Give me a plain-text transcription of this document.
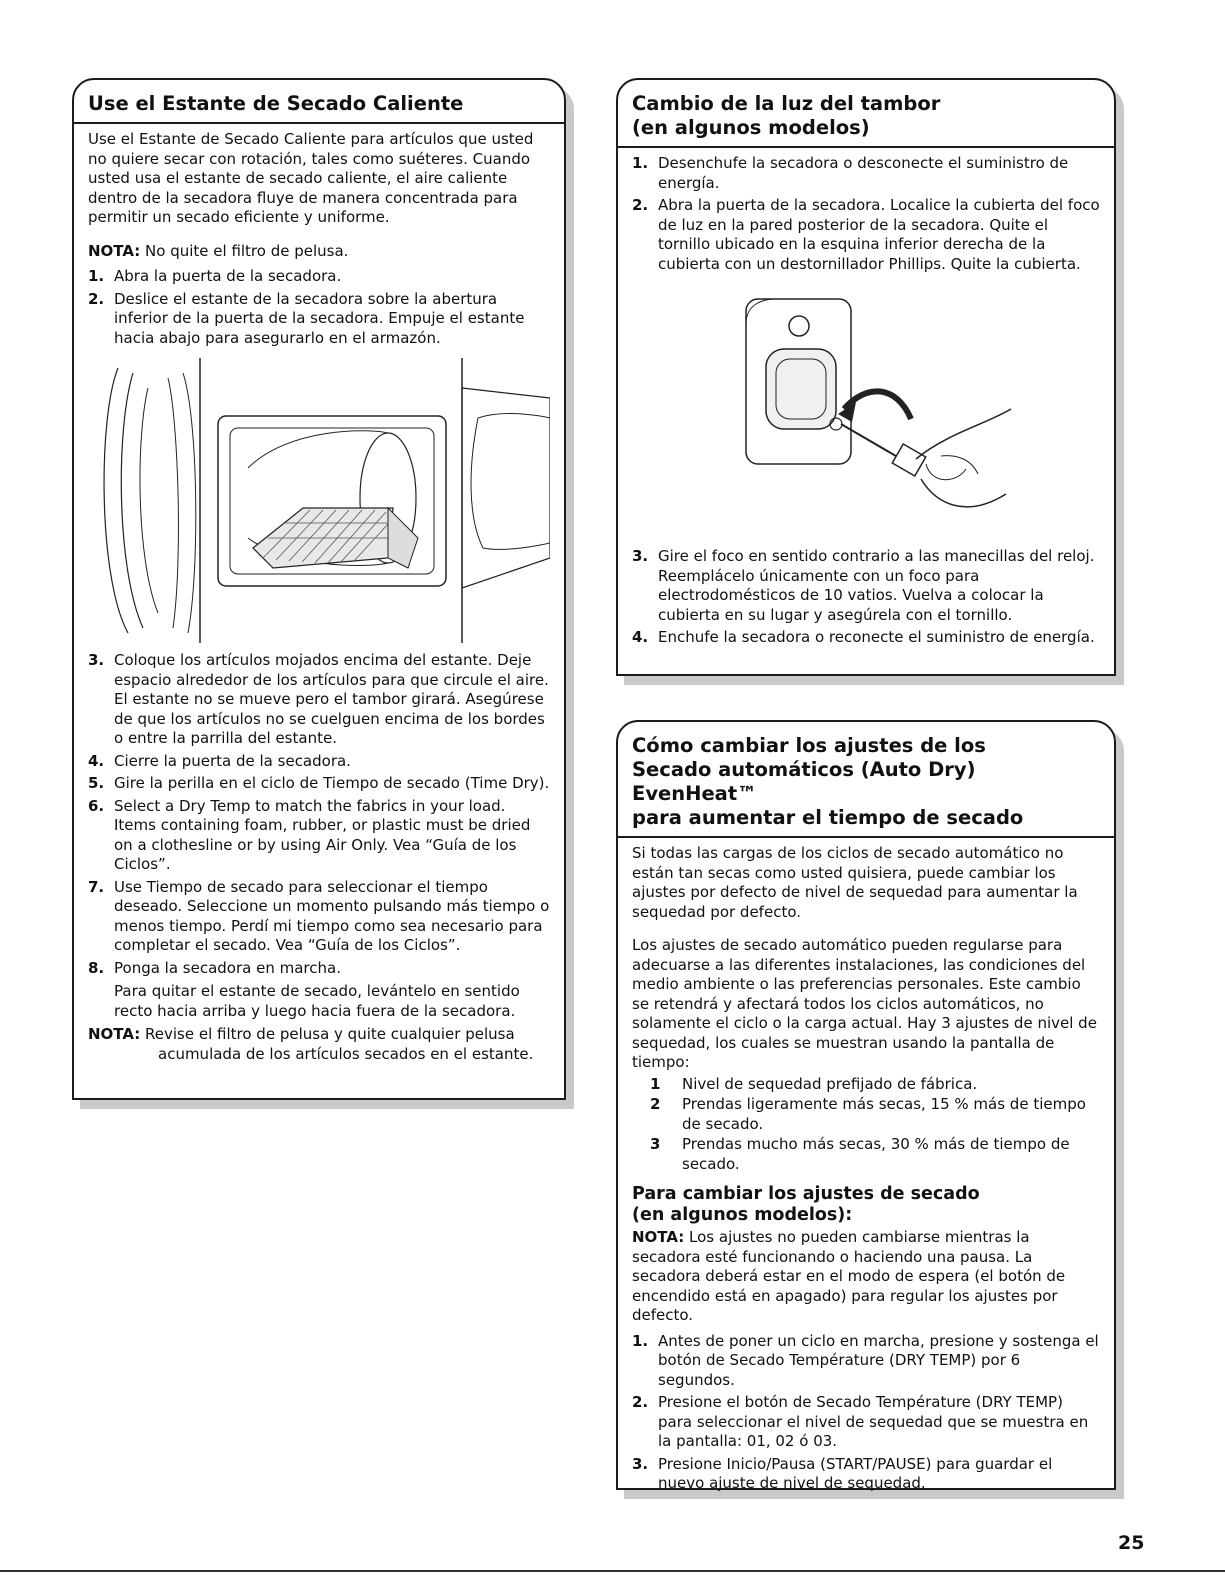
Use el Estante de Secado Caliente

Use el Estante de Secado Caliente para artículos que usted no quiere secar con rotación, tales como suéteres. Cuando usted usa el estante de secado caliente, el aire caliente dentro de la secadora fluye de manera concentrada para permitir un secado eficiente y uniforme.

NOTA: No quite el filtro de pelusa.
1. Abra la puerta de la secadora.
2. Deslice el estante de la secadora sobre la abertura inferior de la puerta de la secadora. Empuje el estante hacia abajo para asegurarlo en el armazón.
3. Coloque los artículos mojados encima del estante. Deje espacio alrededor de los artículos para que circule el aire. El estante no se mueve pero el tambor girará. Asegúrese de que los artículos no se cuelguen encima de los bordes o entre la parrilla del estante.
4. Cierre la puerta de la secadora.
5. Gire la perilla en el ciclo de Tiempo de secado (Time Dry).
6. Select a Dry Temp to match the fabrics in your load. Items containing foam, rubber, or plastic must be dried on a clothesline or by using Air Only. Vea “Guía de los Ciclos”.
7. Use Tiempo de secado para seleccionar el tiempo deseado. Seleccione un momento pulsando más tiempo o menos tiempo. Perdí mi tiempo como sea necesario para completar el secado. Vea “Guía de los Ciclos”.
8. Ponga la secadora en marcha.
Para quitar el estante de secado, levántelo en sentido recto hacia arriba y luego hacia fuera de la secadora.
NOTA: Revise el filtro de pelusa y quite cualquier pelusa acumulada de los artículos secados en el estante.
Cambio de la luz del tambor
(en algunos modelos)
1. Desenchufe la secadora o desconecte el suministro de energía.
2. Abra la puerta de la secadora. Localice la cubierta del foco de luz en la pared posterior de la secadora. Quite el tornillo ubicado en la esquina inferior derecha de la cubierta con un destornillador Phillips. Quite la cubierta.
3. Gire el foco en sentido contrario a las manecillas del reloj. Reemplácelo únicamente con un foco para electrodomésticos de 10 vatios. Vuelva a colocar la cubierta en su lugar y asegúrela con el tornillo.
4. Enchufe la secadora o reconecte el suministro de energía.
Cómo cambiar los ajustes de los
Secado automáticos (Auto Dry) EvenHeat™
para aumentar el tiempo de secado

Si todas las cargas de los ciclos de secado automático no están tan secas como usted quisiera, puede cambiar los ajustes por defecto de nivel de sequedad para aumentar la sequedad por defecto.

Los ajustes de secado automático pueden regularse para adecuarse a las diferentes instalaciones, las condiciones del medio ambiente o las preferencias personales. Este cambio se retendrá y afectará todos los ciclos automáticos, no solamente el ciclo o la carga actual. Hay 3 ajustes de nivel de sequedad, los cuales se muestran usando la pantalla de tiempo:

1 Nivel de sequedad prefijado de fábrica.
2 Prendas ligeramente más secas, 15 % más de tiempo de secado.
3 Prendas mucho más secas, 30 % más de tiempo de secado.
Para cambiar los ajustes de secado
(en algunos modelos):
NOTA: Los ajustes no pueden cambiarse mientras la secadora esté funcionando o haciendo una pausa. La secadora deberá estar en el modo de espera (el botón de encendido está en apagado) para regular los ajustes por defecto.
1. Antes de poner un ciclo en marcha, presione y sostenga el botón de Secado Température (DRY TEMP) por 6 segundos.
2. Presione el botón de Secado Température (DRY TEMP) para seleccionar el nivel de sequedad que se muestra en la pantalla: 01, 02 ó 03.
3. Presione Inicio/Pausa (START/PAUSE) para guardar el nuevo ajuste de nivel de sequedad.
25
